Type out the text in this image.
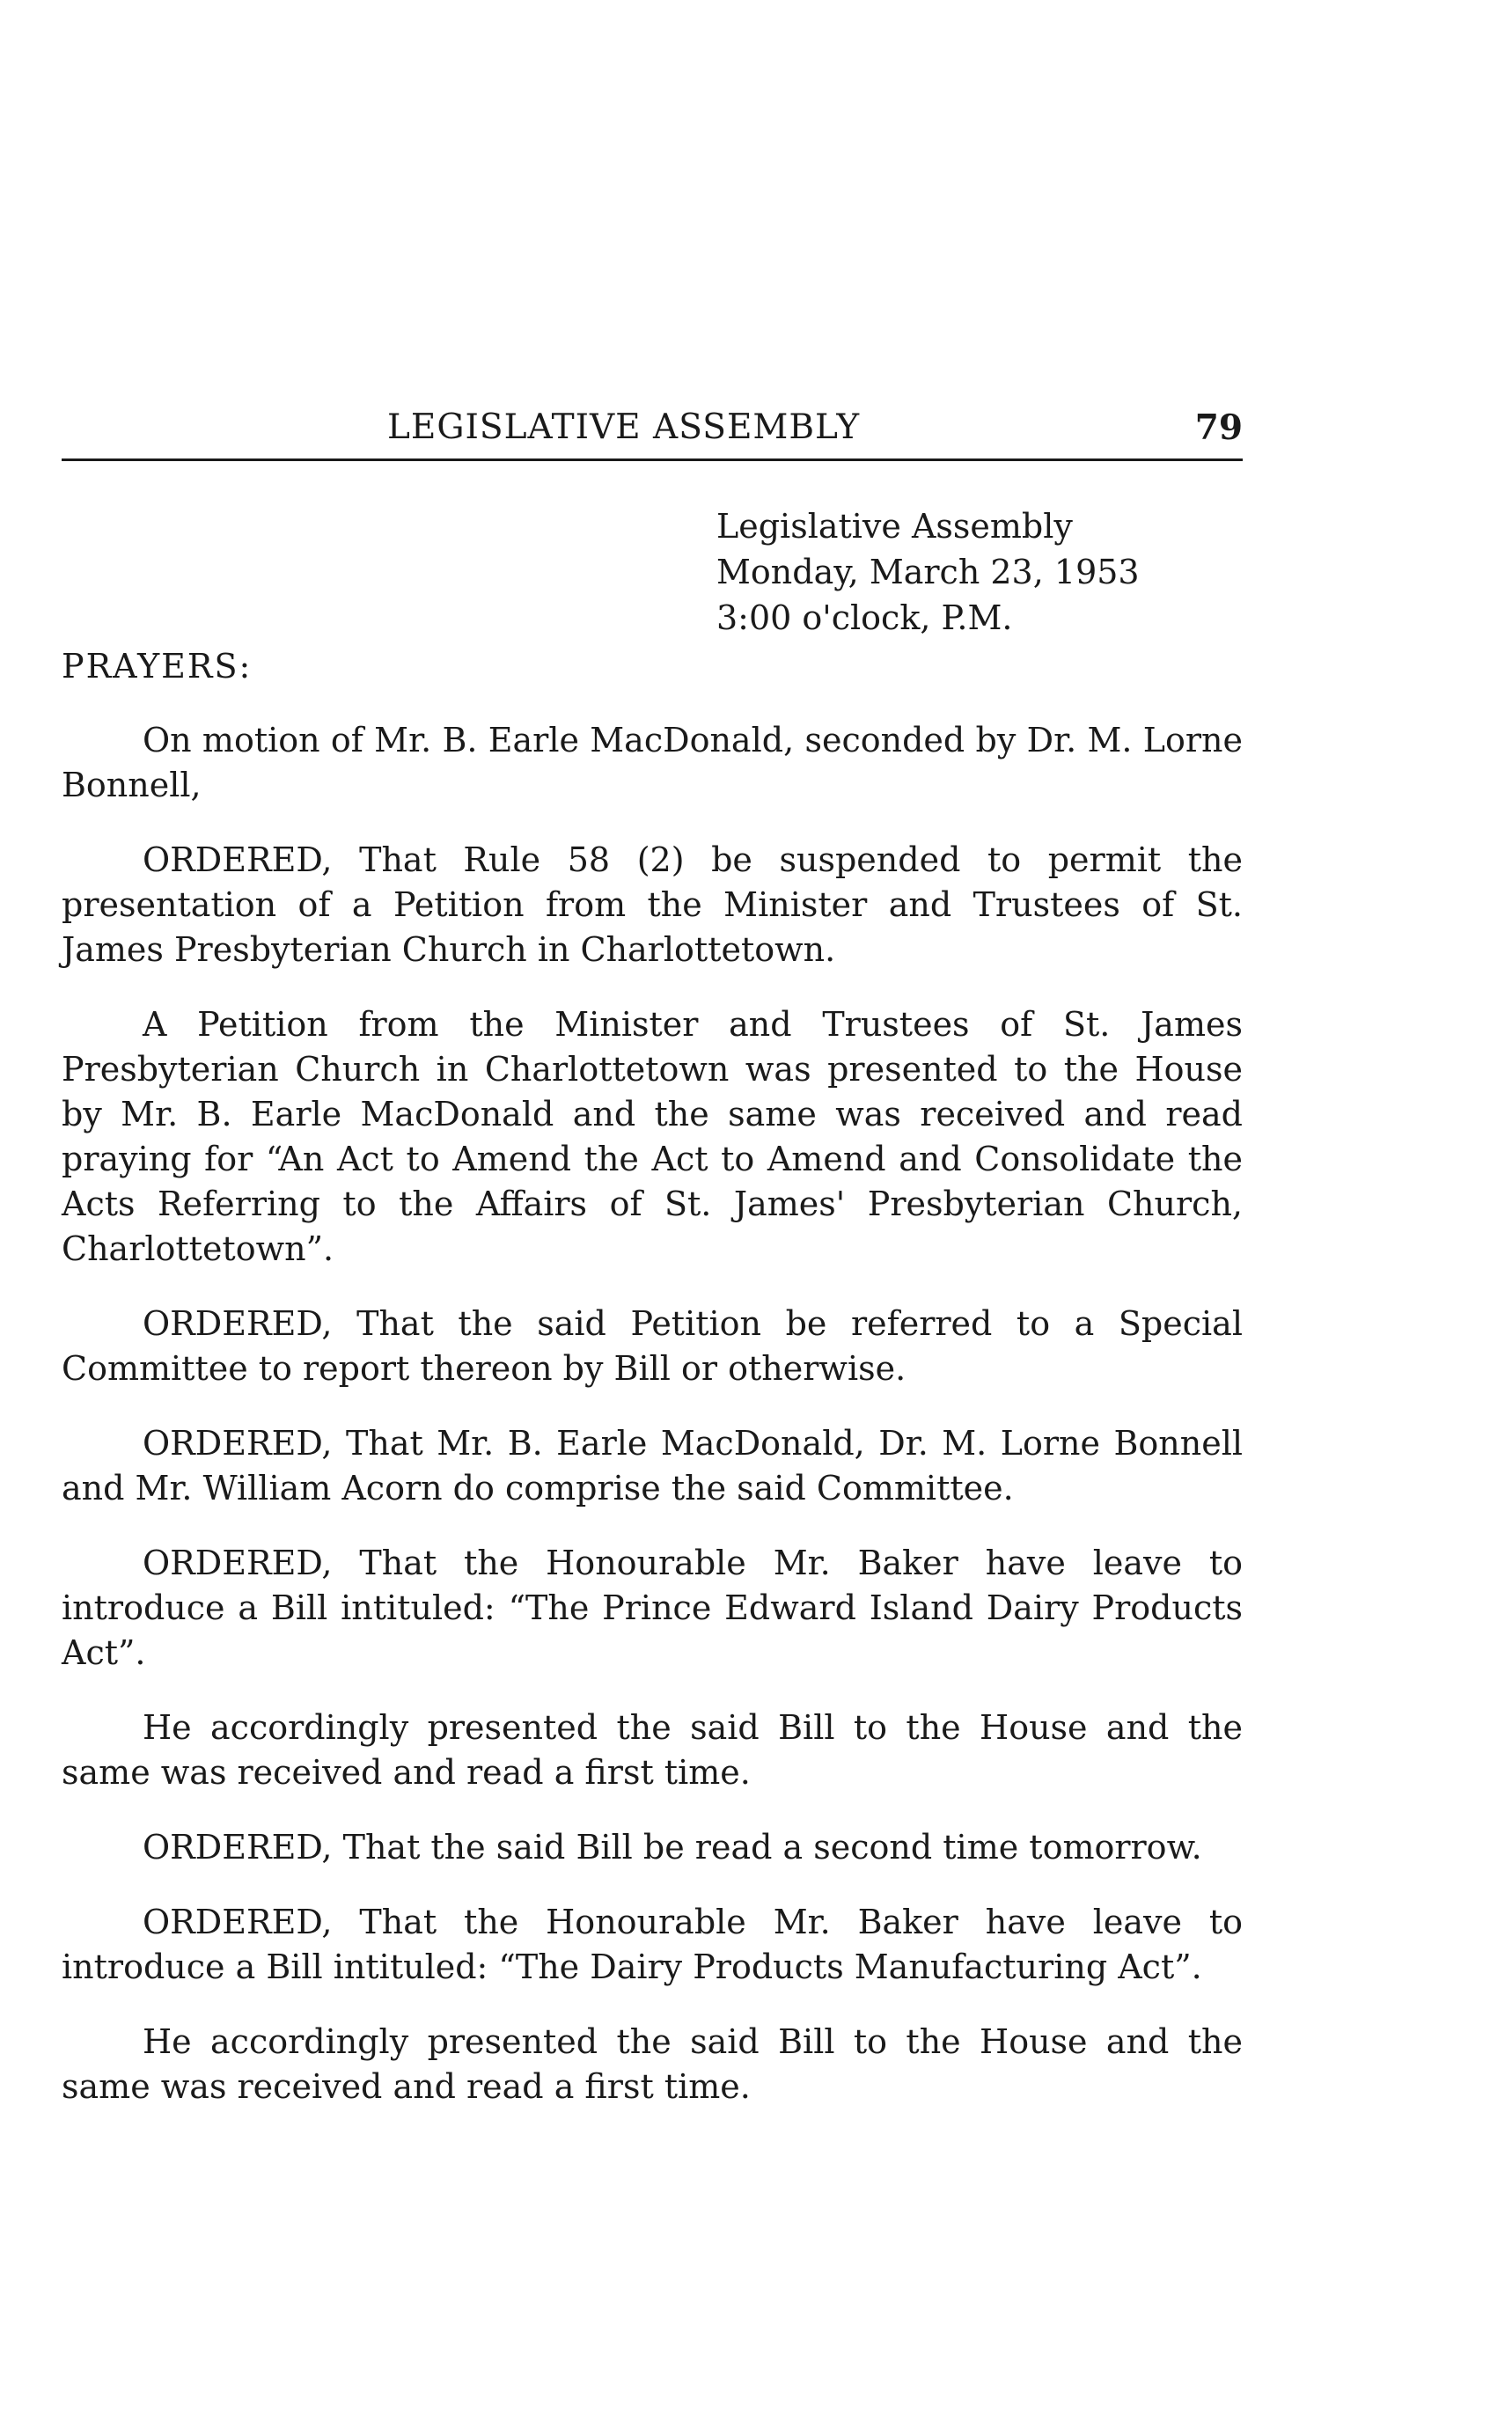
LEGISLATIVE ASSEMBLY	79
Legislative Assembly
Monday, March 23, 1953
3:00 o'clock, P.M.
PRAYERS:

On motion of Mr. B. Earle MacDonald, seconded by Dr. M. Lorne Bonnell,

ORDERED, That Rule 58 (2) be suspended to permit the presentation of a Petition from the Minister and Trustees of St. James Presbyterian Church in Charlottetown.

A Petition from the Minister and Trustees of St. James Presbyterian Church in Charlottetown was presented to the House by Mr. B. Earle MacDonald and the same was received and read praying for “An Act to Amend the Act to Amend and Consolidate the Acts Referring to the Affairs of St. James' Presbyterian Church, Charlottetown”.

ORDERED, That the said Petition be referred to a Special Committee to report thereon by Bill or otherwise.

ORDERED, That Mr. B. Earle MacDonald, Dr. M. Lorne Bonnell and Mr. William Acorn do comprise the said Committee.

ORDERED, That the Honourable Mr. Baker have leave to introduce a Bill intituled: “The Prince Edward Island Dairy Products Act”.

He accordingly presented the said Bill to the House and the same was received and read a first time.

ORDERED, That the said Bill be read a second time tomorrow.

ORDERED, That the Honourable Mr. Baker have leave to introduce a Bill intituled: “The Dairy Products Manufacturing Act”.

He accordingly presented the said Bill to the House and the same was received and read a first time.
